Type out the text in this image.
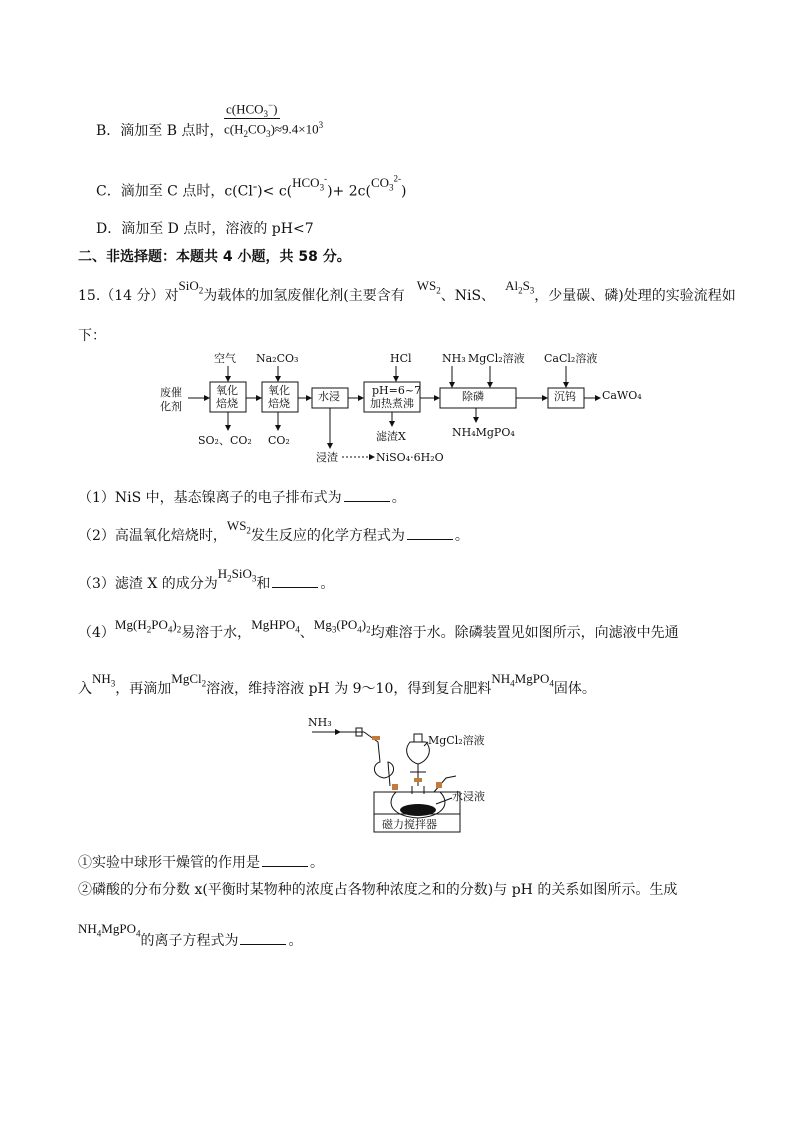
$c(HCO_3^-)$
B．滴加至 B 点时， $c(H_2CO_3)\approx 9.4\times 10^3$
C．滴加至 C 点时，$c(Cl^-)< c(HCO_3^-)+ 2c(CO_3^{2-})$
D．滴加至 D 点时，溶液的 pH<7
二、非选择题：本题共 4 小题，共 58 分。
15.（14 分）对SiO$_2$为载体的加氢废催化剂(主要含有$WS_2$、NiS、$Al_2S_3$，少量碳、磷)处理的实验流程如
下：
废催
化剂
空气 Na₂CO₃
氧化
焙烧
氧化
焙烧
水浸
HCl
pH=6~7
加热煮沸
NH₃ MgCl₂溶液
除磷
CaCl₂溶液
沉钨 CaWO₄
SO₂、CO₂ CO₂	滤渣X
浸渣	NiSO₄·6H₂O
NH₄MgPO₄
（1）NiS 中，基态镍离子的电子排布式为	。
（2）高温氧化焙烧时，$WS_2$发生反应的化学方程式为	。
（3）滤渣 X 的成分为$H_2SiO_3$和	。
$(4)Mg(H_2PO_4)_2$易溶于水，MgHPO$_4$、$Mg_3(PO_4)_2$均难溶于水。除磷装置见如图所示，向滤液中先通
入$NH_3$，再滴加MgCl$_2$溶液，维持溶液 pH 为 9～10，得到复合肥料$NH_4MgPO_4$固体。
NH₃
MgCl₂溶液
水浸液
磁力搅拌器
①实验中球形干燥管的作用是	。
②磷酸的分布分数 x(平衡时某物种的浓度占各物种浓度之和的分数)与 pH 的关系如图所示。生成
$NH_4MgPO_4$的离子方程式为	。
